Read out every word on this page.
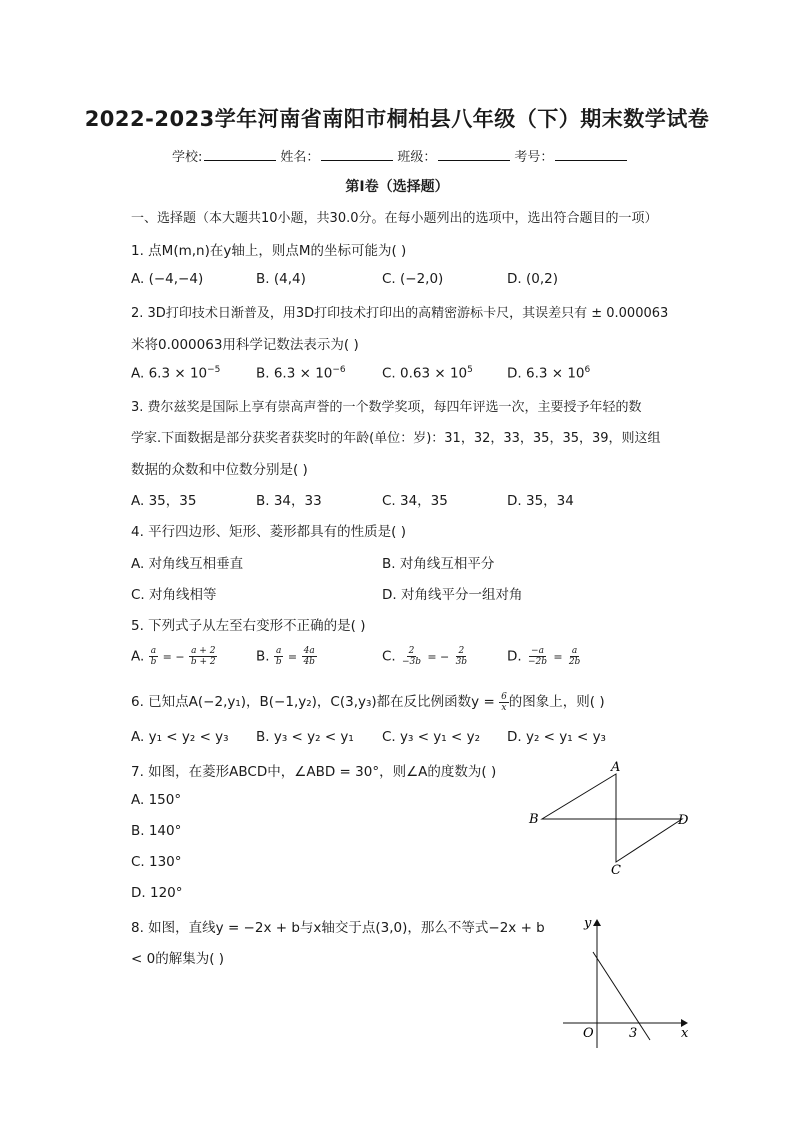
2022-2023学年河南省南阳市桐柏县八年级（下）期末数学试卷
学校:	姓名：	班级：	考号：
第I卷（选择题）
一、选择题（本大题共10小题，共30.0分。在每小题列出的选项中，选出符合题目的一项）
1. 点M(m,n)在y轴上，则点M的坐标可能为( )
A. (−4,−4)	B. (4,4)	C. (−2,0)	D. (0,2)
2. 3D打印技术日渐普及，用3D打印技术打印出的高精密游标卡尺，其误差只有 ± 0.000063
米将0.000063用科学记数法表示为( )
A. $6.3 \times 10^{-5}$	B. $6.3 \times 10^{-6}$	C. $0.63 \times 10^5$	D. $6.3 \times 10^6$
3. 费尔兹奖是国际上享有崇高声誉的一个数学奖项，每四年评选一次，主要授予年轻的数
学家.下面数据是部分获奖者获奖时的年龄(单位：岁)：31，32，33，35，35，39，则这组
数据的众数和中位数分别是( )
A. 35，35	B. 34，33	C. 34，35	D. 35，34
4. 平行四边形、矩形、菱形都具有的性质是( )
A. 对角线互相垂直	B. 对角线互相平分
C. 对角线相等	D. 对角线平分一组对角
5. 下列式子从左至右变形不正确的是( )
A. $\frac{a}{b}$ = − $\frac{a + 2}{b + 2}$	B. $\frac{a}{b} = \frac{4a}{4b}$	C. $\frac{2}{-3b}$ = − $\frac{2}{3b}$	D. $\frac{-a}{-2b} = \frac{a}{2b}$
6. 已知点A(−2,y₁)，B(−1,y₂)，C(3,y₃)都在反比例函数$y = \frac{6}{x}$ 的图象上，则( )
A. y₁ < y₂ < y₃ B. y₃ < y₂ < y₁ C. y₃ < y₁ < y₂ D. y₂ < y₁ < y₃
7. 如图，在菱形ABCD中，∠ABD = 30°，则∠A的度数为( )
A. 150°
B. 140°
C. 130°
D. 120°
A
B	D
C
8. 如图，直线y = −2x + b与x轴交于点(3,0)，那么不等式−2x + b
< 0的解集为( )
y
x
O	3
